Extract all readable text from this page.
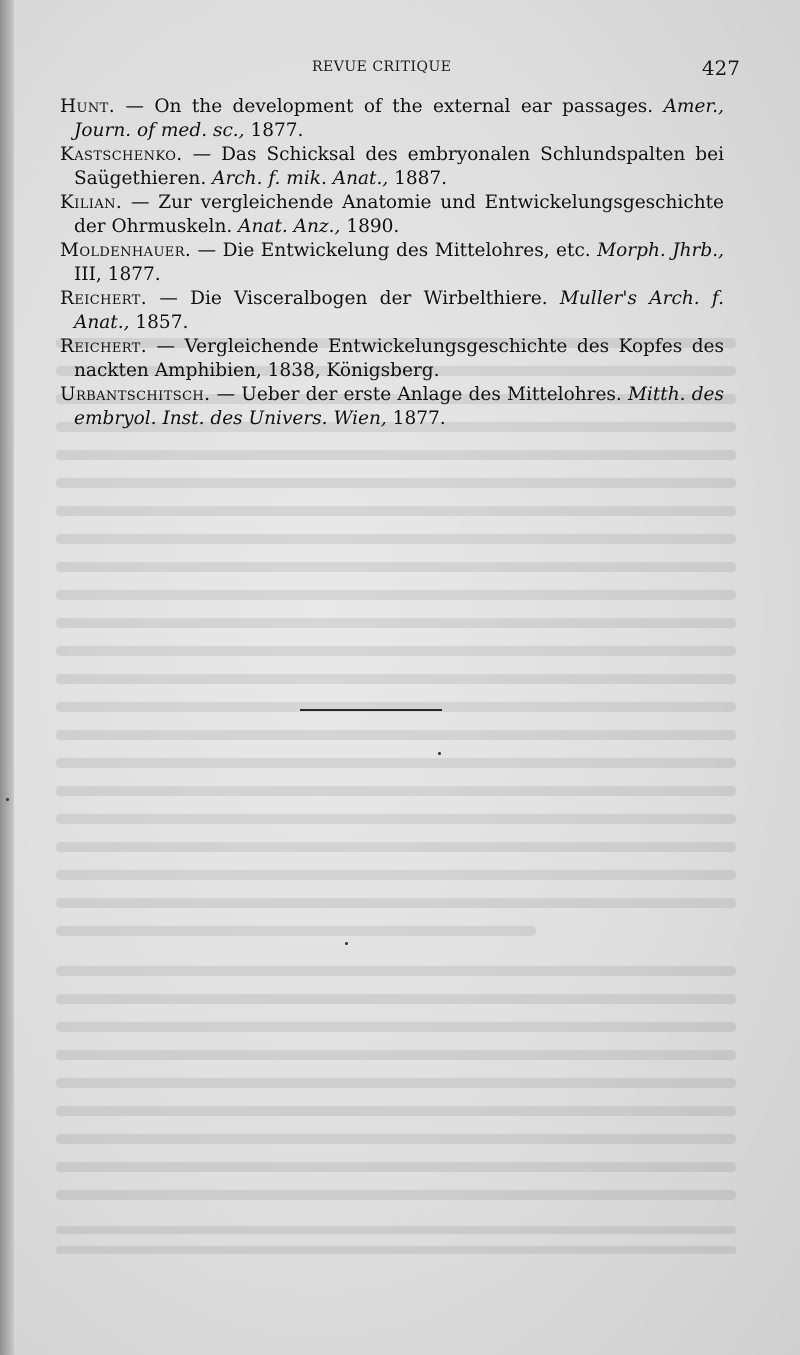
REVUE CRITIQUE	427

Hunt. — On the development of the external ear passages. Amer., Journ. of med. sc., 1877.

Kastschenko. — Das Schicksal des embryonalen Schlundspalten bei Saügethieren. Arch. f. mik. Anat., 1887.

Kilian. — Zur vergleichende Anatomie und Entwickelungsgeschichte der Ohrmuskeln. Anat. Anz., 1890.

Moldenhauer. — Die Entwickelung des Mittelohres, etc. Morph. Jhrb., III, 1877.

Reichert. — Die Visceralbogen der Wirbelthiere. Muller's Arch. f. Anat., 1857.

Reichert. — Vergleichende Entwickelungsgeschichte des Kopfes des nackten Amphibien, 1838, Königsberg.

Urbantschitsch. — Ueber der erste Anlage des Mittelohres. Mitth. des embryol. Inst. des Univers. Wien, 1877.
